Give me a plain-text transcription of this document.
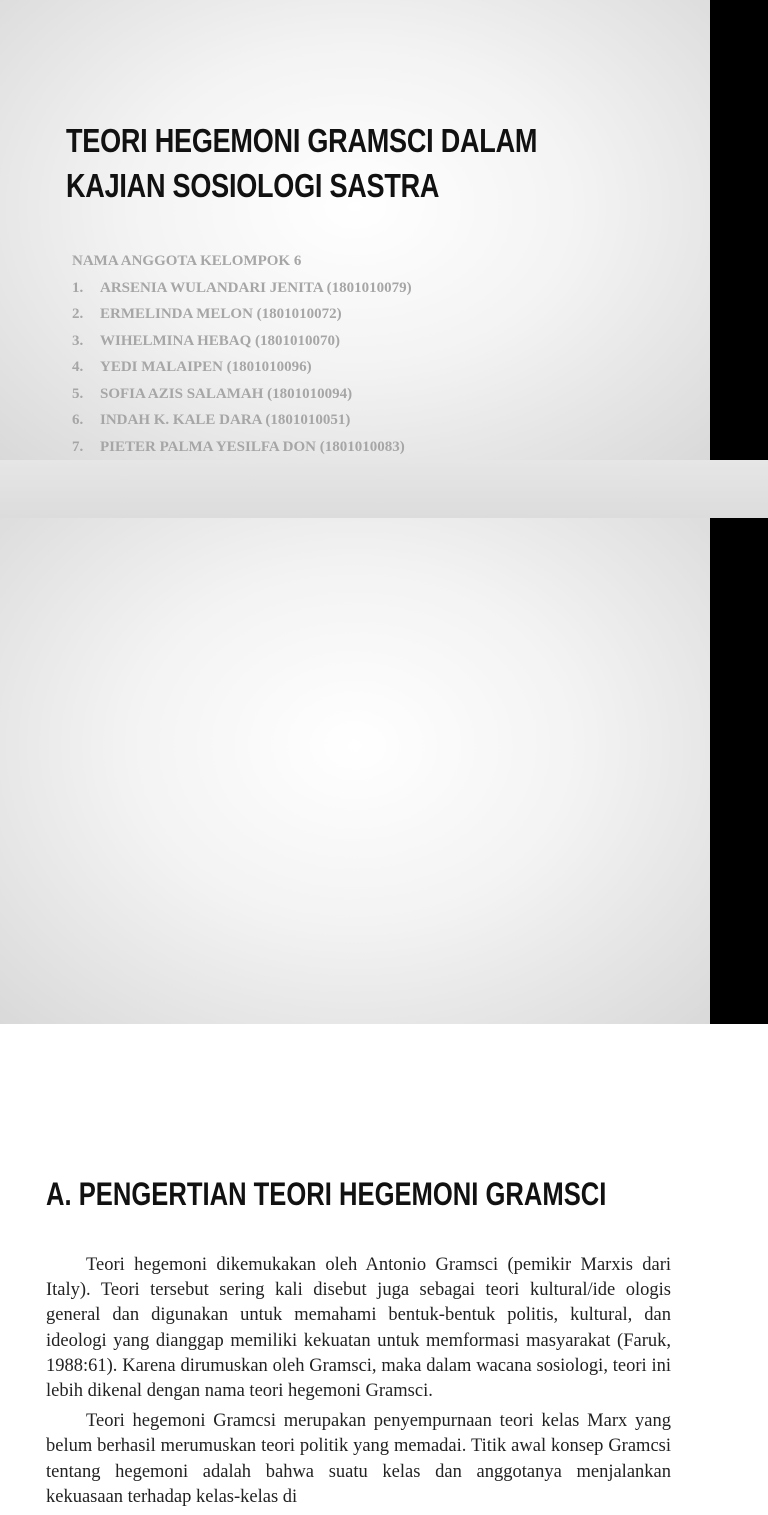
TEORI HEGEMONI GRAMSCI DALAM
KAJIAN SOSIOLOGI SASTRA
NAMA ANGGOTA KELOMPOK 6
1.	ARSENIA WULANDARI JENITA (1801010079)
2.	ERMELINDA MELON (1801010072)
3.	WIHELMINA HEBAQ (1801010070)
4.	YEDI MALAIPEN (1801010096)
5.	SOFIA AZIS SALAMAH (1801010094)
6.	INDAH K. KALE DARA (1801010051)
7.	PIETER PALMA YESILFA DON (1801010083)
A. PENGERTIAN TEORI HEGEMONI GRAMSCI

Teori hegemoni dikemukakan oleh Antonio Gramsci (pemikir Marxis dari Italy). Teori tersebut sering kali disebut juga sebagai teori kultural/ide ologis general dan digunakan untuk memahami bentuk-bentuk politis, kultural, dan ideologi yang dianggap memiliki kekuatan untuk memformasi masyarakat (Faruk, 1988:61). Karena dirumuskan oleh Gramsci, maka dalam wacana sosiologi, teori ini lebih dikenal dengan nama teori hegemoni Gramsci.

Teori hegemoni Gramcsi merupakan penyempurnaan teori kelas Marx yang belum berhasil merumuskan teori politik yang memadai. Titik awal konsep Gramcsi tentang hegemoni adalah bahwa suatu kelas dan anggotanya menjalankan kekuasaan terhadap kelas-kelas di
